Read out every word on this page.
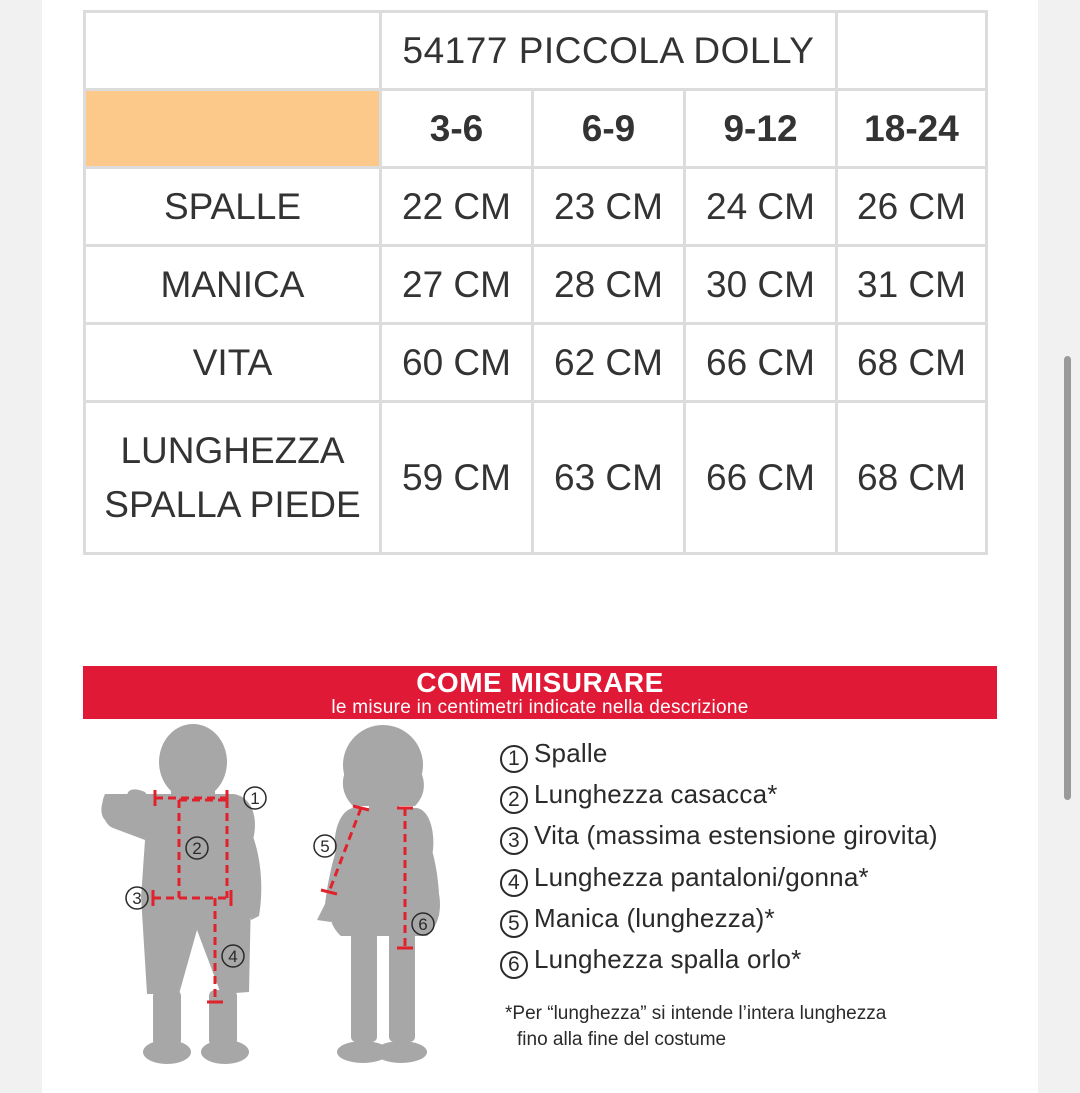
	54177 PICCOLA DOLLY			
	3-6	6-9	9-12	18-24
SPALLE	22 CM	23 CM	24 CM	26 CM
MANICA	27 CM	28 CM	30 CM	31 CM
VITA	60 CM	62 CM	66 CM	68 CM

LUNGHEZZA
SPALLA PIEDE	59 CM	63 CM	66 CM	68 CM
COME MISURARE
le misure in centimetri indicate nella descrizione
1
2
3
4
5
6
1 Spalle
2 Lunghezza casacca*
3 Vita (massima estensione girovita)
4 Lunghezza pantaloni/gonna*
5 Manica (lunghezza)*
6 Lunghezza spalla orlo*
*Per “lunghezza” si intende l’intera lunghezza
fino alla fine del costume
